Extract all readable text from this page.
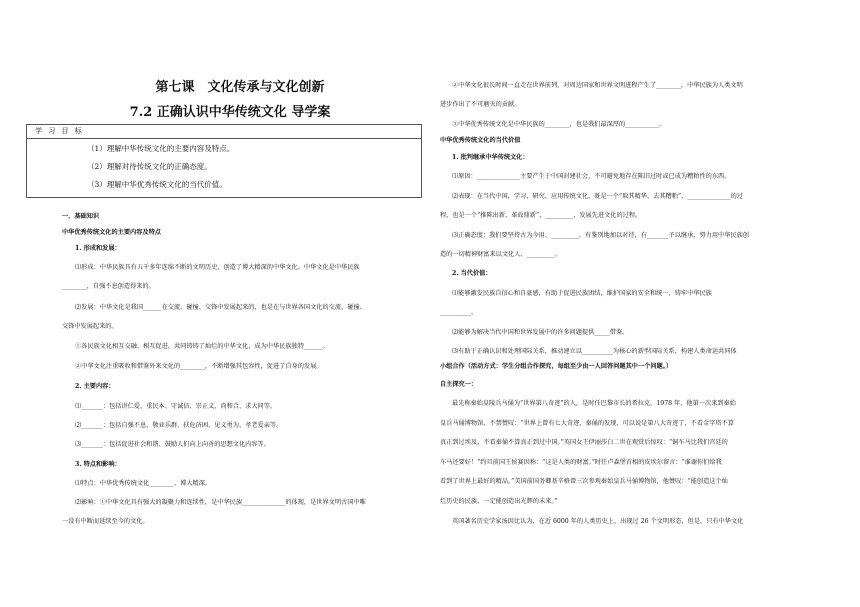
第七课　文化传承与文化创新
7.2 正确认识中华传统文化 导学案
学 习 目 标
（1）理解中华传统文化的主要内容及特点。
（2）理解对待传统文化的正确态度。
（3）理解中华优秀传统文化的当代价值。
一、基础知识
中华优秀传统文化的主要内容及特点
1. 形成和发展：
⑴形成：中华民族具有五千多年连绵不断的文明历史，创造了博大精深的中华文化。中华文化是中华民族
________，自强不息创造得来的。
⑵发展：中华文化是我国______在交流、碰撞、交锋中发展起来的，也是在与世界各国文化的交流、碰撞、
交锋中发展起来的。
①各民族文化相互交融、相互促进，共同铸铸了灿烂的中华文化，成为中华民族独特______。
②中华文化注重吸收和借鉴外来文化的________，不断增强其包容性，促进了自身的发展。
2. 主要内容：
⑴_______：包括讲仁爱、重民本、守诚信、崇正义、尚和合、求大同等。
⑵_______：包括自强不息、敬业乐群、扶危济困、见义勇为、孝老爱亲等。
⑶_______：包括促进社会和谐、鼓励人们向上向善的思想文化内容等。
3. 特点和影响：
⑴特点：中华优秀传统文化________、博大精深。
⑵影响：①中华文化具有强大的凝聚力和连续性，是中华民族______________的体现，是世界文明古国中唯
一没有中断而延续至今的文化。
②中华文化很长时间一直走在世界前列，对周边国家和世界文明进程产生了________，中华民族为人类文明
进步作出了不可磨灭的贡献。
③中华优秀传统文化是中华民族的________，也是我们最深厚的___________。
中华优秀传统文化的当代价值
1. 批判继承中华传统文化：
⑴原因：______________主要产生于中国封建社会，不可避免地存在陈旧过时或已成为糟粕性的东西。
⑵表现：在当代中国，学习、研究、应用传统文化，既是一个“取其精华、去其糟粕”，______________的过
程，也是一个“推陈出新、革故鼎新”，_________、发展先进文化的过程。
⑶正确态度：我们要坚持古为今用、_________，有鉴别地加以对待，有_______予以继承，努力用中华民族创
造的一切精神财富来以文化人、_________。
2. 当代价值：
⑴能够激发民族自信心和自豪感，有助于促进民族团结，维护国家的安全和统一，铸牢中华民族
__________。
⑵能够为解决当代中国和世界发展中的许多问题提供_____借鉴。
⑶有助于正确认识和处理国际关系，推动建立以__________为核心的新型国际关系，构建人类命运共同体
小组合作（活动方式：学生分组合作探究，每组至少由一人回答问题其中一个问题。）
自主探究一：
最先称秦始皇陵兵马俑为“世界第八奇迹”的人，是时任巴黎市长的希拉克。1978 年，他第一次来到秦始
皇兵马俑博物馆，不禁赞叹：“世界上曾有七大奇迹，秦俑的发现，可以说是第八大奇迹了，不看金字塔不算
真正到过埃及，不看秦俑不算真正到过中国。”英国女王伊丽莎白二世在观赏后惊叹：“铜车马比我们宫廷的
车马还要好！”约旦前国王侯赛因称：“这是人类的财富。”时任卢森堡首相的皮埃尔留言：“谁谢你们给我
看到了世界上最好的精品。”美国前国务卿基辛格曾三次参观秦始皇兵马俑博物馆，他赞叹：“能创造这个灿
烂历史的民族，一定能创造出光辉的未来。”
英国著名历史学家汤因比认为，在近 6000 年的人类历史上，出现过 26 个文明形态，但是，只有中华文化
